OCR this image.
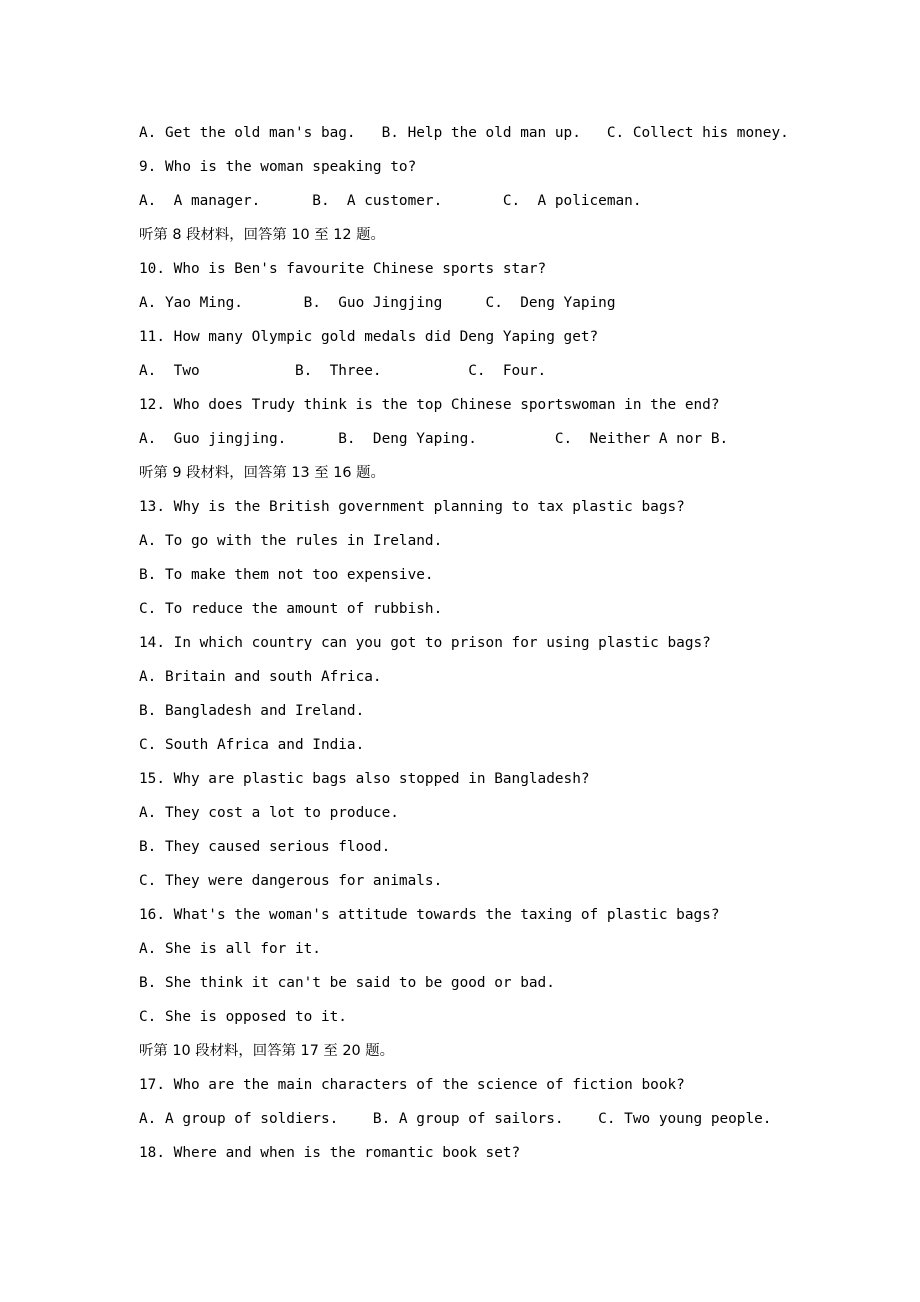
A. Get the old man's bag.   B. Help the old man up.   C. Collect his money.
9. Who is the woman speaking to?
A.  A manager.      B.  A customer.       C.  A policeman.
听第 8 段材料，回答第 10 至 12 题。
10. Who is Ben's favourite Chinese sports star?
A. Yao Ming.       B.  Guo Jingjing     C.  Deng Yaping
11. How many Olympic gold medals did Deng Yaping get?
A.  Two           B.  Three.          C.  Four.
12. Who does Trudy think is the top Chinese sportswoman in the end?
A.  Guo jingjing.      B.  Deng Yaping.         C.  Neither A nor B.
听第 9 段材料，回答第 13 至 16 题。
13. Why is the British government planning to tax plastic bags?
A. To go with the rules in Ireland.
B. To make them not too expensive.
C. To reduce the amount of rubbish.
14. In which country can you got to prison for using plastic bags?
A. Britain and south Africa.
B. Bangladesh and Ireland.
C. South Africa and India.
15. Why are plastic bags also stopped in Bangladesh?
A. They cost a lot to produce.
B. They caused serious flood.
C. They were dangerous for animals.
16. What's the woman's attitude towards the taxing of plastic bags?
A. She is all for it.
B. She think it can't be said to be good or bad.
C. She is opposed to it.
听第 10 段材料，回答第 17 至 20 题。
17. Who are the main characters of the science of fiction book?
A. A group of soldiers.    B. A group of sailors.    C. Two young people.
18. Where and when is the romantic book set?
